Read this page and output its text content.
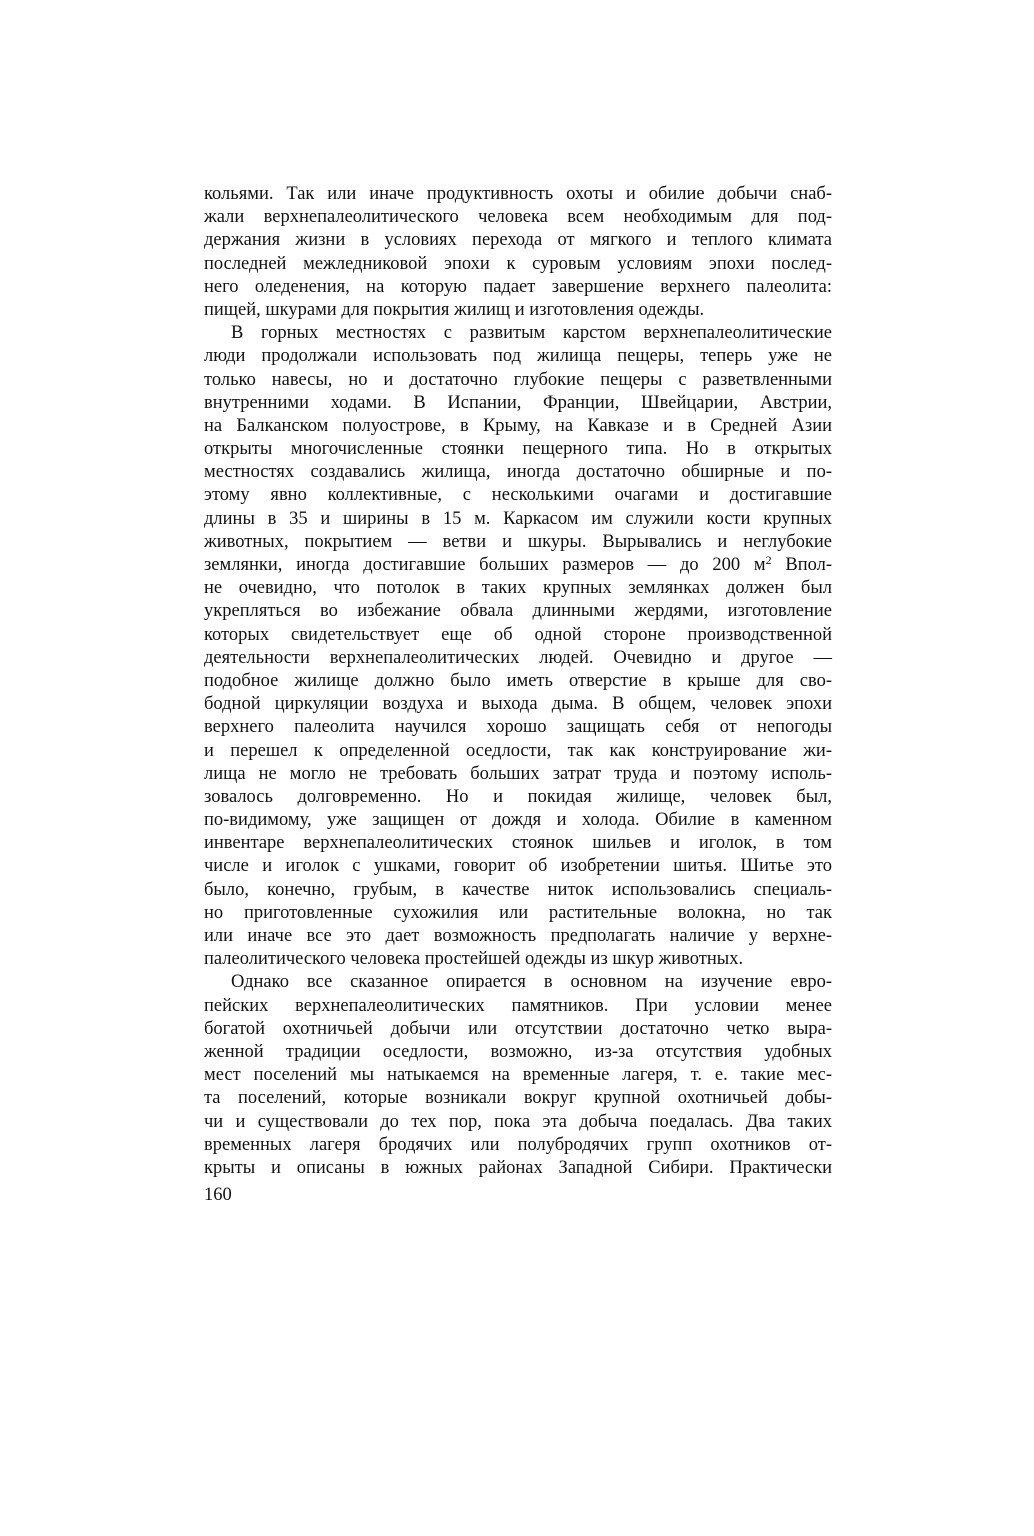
кольями. Так или иначе продуктивность охоты и обилие добычи снаб-
жали верхнепалеолитического человека всем необходимым для под-
держания жизни в условиях перехода от мягкого и теплого климата
последней межледниковой эпохи к суровым условиям эпохи послед-
него оледенения, на которую падает завершение верхнего палеолита:
пищей, шкурами для покрытия жилищ и изготовления одежды.
В горных местностях с развитым карстом верхнепалеолитические
люди продолжали использовать под жилища пещеры, теперь уже не
только навесы, но и достаточно глубокие пещеры с разветвленными
внутренними ходами. В Испании, Франции, Швейцарии, Австрии,
на Балканском полуострове, в Крыму, на Кавказе и в Средней Азии
открыты многочисленные стоянки пещерного типа. Но в открытых
местностях создавались жилища, иногда достаточно обширные и по-
этому явно коллективные, с несколькими очагами и достигавшие
длины в 35 и ширины в 15 м. Каркасом им служили кости крупных
животных, покрытием — ветви и шкуры. Вырывались и неглубокие
землянки, иногда достигавшие больших размеров — до 200 $м^2$ Впол-
не очевидно, что потолок в таких крупных землянках должен был
укрепляться во избежание обвала длинными жердями, изготовление
которых свидетельствует еще об одной стороне производственной
деятельности верхнепалеолитических людей. Очевидно и другое —
подобное жилище должно было иметь отверстие в крыше для сво-
бодной циркуляции воздуха и выхода дыма. В общем, человек эпохи
верхнего палеолита научился хорошо защищать себя от непогоды
и перешел к определенной оседлости, так как конструирование жи-
лища не могло не требовать больших затрат труда и поэтому исполь-
зовалось долговременно. Но и покидая жилище, человек был,
по-видимому, уже защищен от дождя и холода. Обилие в каменном
инвентаре верхнепалеолитических стоянок шильев и иголок, в том
числе и иголок с ушками, говорит об изобретении шитья. Шитье это
было, конечно, грубым, в качестве ниток использовались специаль-
но приготовленные сухожилия или растительные волокна, но так
или иначе все это дает возможность предполагать наличие у верхне-
палеолитического человека простейшей одежды из шкур животных.
Однако все сказанное опирается в основном на изучение евро-
пейских верхнепалеолитических памятников. При условии менее
богатой охотничьей добычи или отсутствии достаточно четко выра-
женной традиции оседлости, возможно, из-за отсутствия удобных
мест поселений мы натыкаемся на временные лагеря, т. е. такие мес-
та поселений, которые возникали вокруг крупной охотничьей добы-
чи и существовали до тех пор, пока эта добыча поедалась. Два таких
временных лагеря бродячих или полубродячих групп охотников от-
крыты и описаны в южных районах Западной Сибири. Практически
160
